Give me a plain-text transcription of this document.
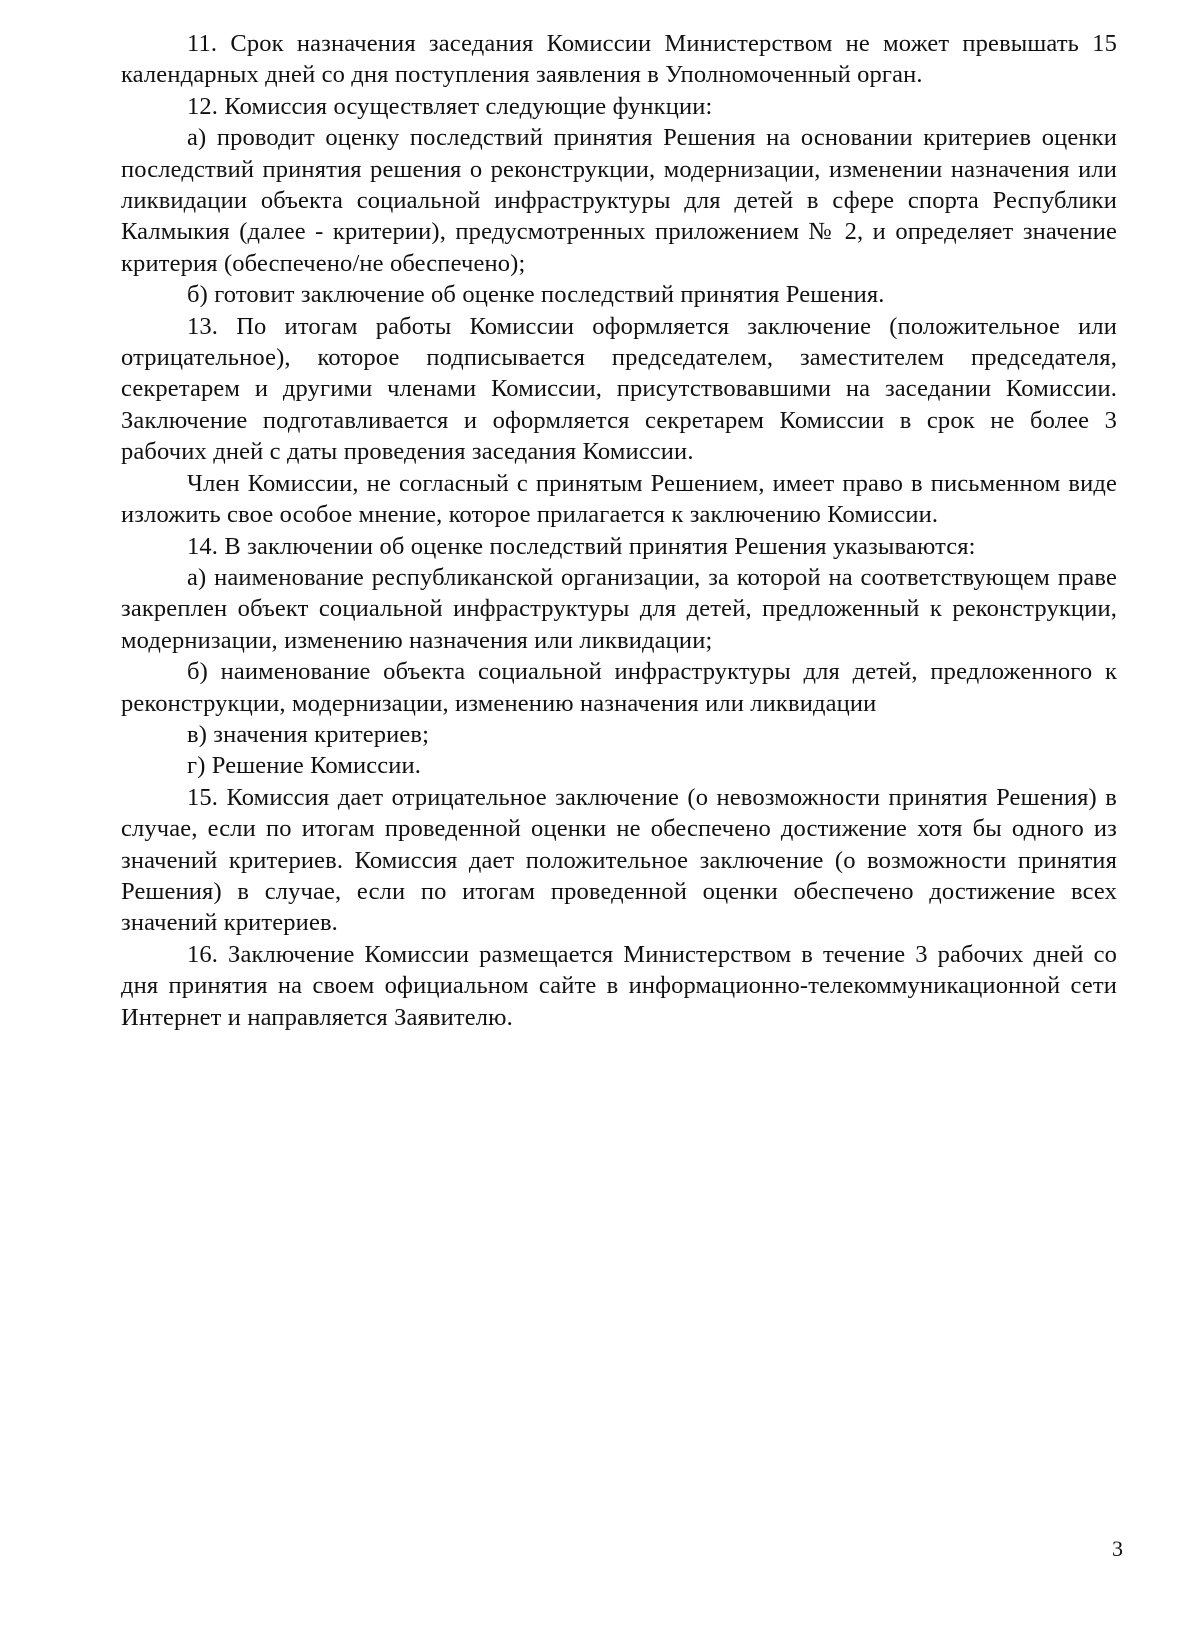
11. Срок назначения заседания Комиссии Министерством не может превышать 15 календарных дней со дня поступления заявления в Уполномоченный орган.

12. Комиссия осуществляет следующие функции:

а) проводит оценку последствий принятия Решения на основании критериев оценки последствий принятия решения о реконструкции, модернизации, изменении назначения или ликвидации объекта социальной инфраструктуры для детей в сфере спорта Республики Калмыкия (далее - критерии), предусмотренных приложением № 2, и определяет значение критерия (обеспечено/не обеспечено);

б) готовит заключение об оценке последствий принятия Решения.

13. По итогам работы Комиссии оформляется заключение (положительное или отрицательное), которое подписывается председателем, заместителем председателя, секретарем и другими членами Комиссии, присутствовавшими на заседании Комиссии. Заключение подготавливается и оформляется секретарем Комиссии в срок не более 3 рабочих дней с даты проведения заседания Комиссии.

Член Комиссии, не согласный с принятым Решением, имеет право в письменном виде изложить свое особое мнение, которое прилагается к заключению Комиссии.

14. В заключении об оценке последствий принятия Решения указываются:

а) наименование республиканской организации, за которой на соответствующем праве закреплен объект социальной инфраструктуры для детей, предложенный к реконструкции, модернизации, изменению назначения или ликвидации;

б) наименование объекта социальной инфраструктуры для детей, предложенного к реконструкции, модернизации, изменению назначения или ликвидации

в) значения критериев;

г) Решение Комиссии.

15. Комиссия дает отрицательное заключение (о невозможности принятия Решения) в случае, если по итогам проведенной оценки не обеспечено достижение хотя бы одного из значений критериев. Комиссия дает положительное заключение (о возможности принятия Решения) в случае, если по итогам проведенной оценки обеспечено достижение всех значений критериев.

16. Заключение Комиссии размещается Министерством в течение 3 рабочих дней со дня принятия на своем официальном сайте в информационно-телекоммуникационной сети Интернет и направляется Заявителю.

3
